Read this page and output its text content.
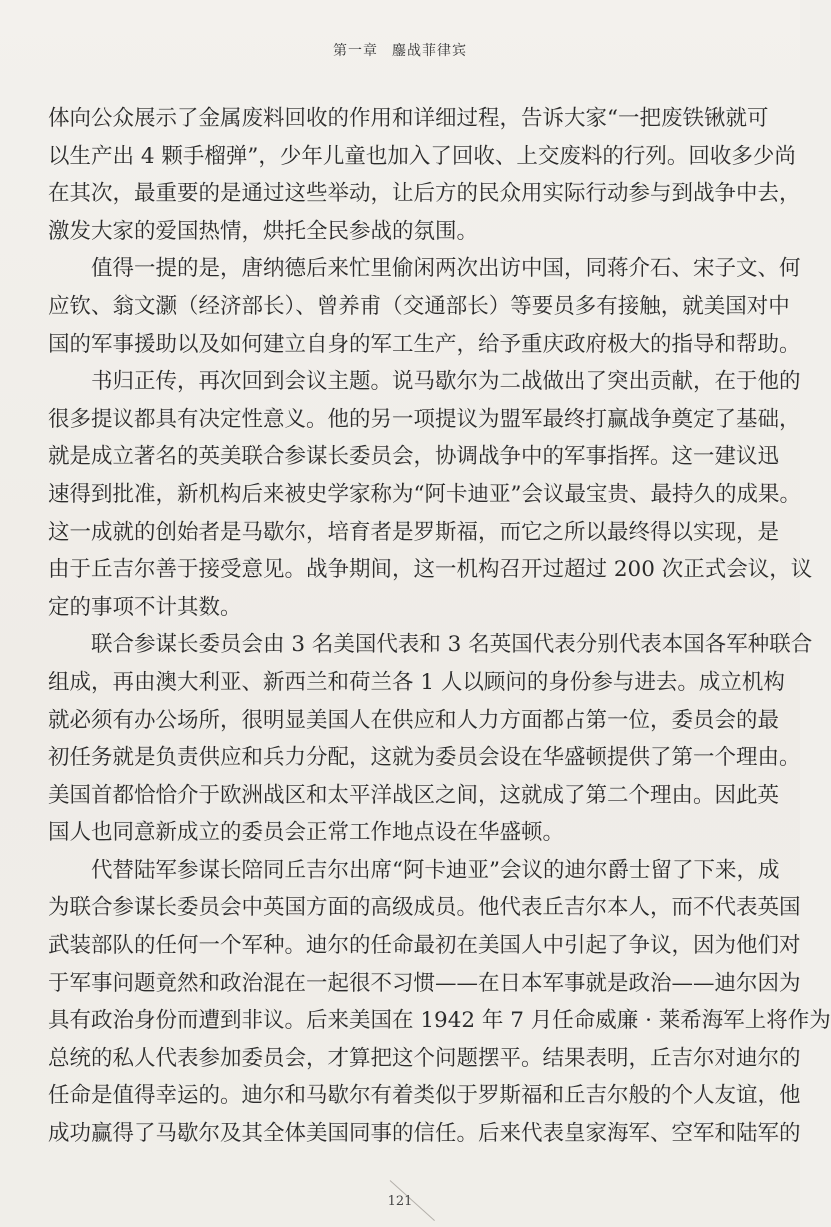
第一章 鏖战菲律宾
体向公众展示了金属废料回收的作用和详细过程，告诉大家“一把废铁锹就可
以生产出 4 颗手榴弹”，少年儿童也加入了回收、上交废料的行列。回收多少尚
在其次，最重要的是通过这些举动，让后方的民众用实际行动参与到战争中去，
激发大家的爱国热情，烘托全民参战的氛围。
值得一提的是，唐纳德后来忙里偷闲两次出访中国，同蒋介石、宋子文、何
应钦、翁文灏（经济部长）、曾养甫（交通部长）等要员多有接触，就美国对中
国的军事援助以及如何建立自身的军工生产，给予重庆政府极大的指导和帮助。
书归正传，再次回到会议主题。说马歇尔为二战做出了突出贡献，在于他的
很多提议都具有决定性意义。他的另一项提议为盟军最终打赢战争奠定了基础，
就是成立著名的英美联合参谋长委员会，协调战争中的军事指挥。这一建议迅
速得到批准，新机构后来被史学家称为“阿卡迪亚”会议最宝贵、最持久的成果。
这一成就的创始者是马歇尔，培育者是罗斯福，而它之所以最终得以实现，是
由于丘吉尔善于接受意见。战争期间，这一机构召开过超过 200 次正式会议，议
定的事项不计其数。
联合参谋长委员会由 3 名美国代表和 3 名英国代表分别代表本国各军种联合
组成，再由澳大利亚、新西兰和荷兰各 1 人以顾问的身份参与进去。成立机构
就必须有办公场所，很明显美国人在供应和人力方面都占第一位，委员会的最
初任务就是负责供应和兵力分配，这就为委员会设在华盛顿提供了第一个理由。
美国首都恰恰介于欧洲战区和太平洋战区之间，这就成了第二个理由。因此英
国人也同意新成立的委员会正常工作地点设在华盛顿。
代替陆军参谋长陪同丘吉尔出席“阿卡迪亚”会议的迪尔爵士留了下来，成
为联合参谋长委员会中英国方面的高级成员。他代表丘吉尔本人，而不代表英国
武装部队的任何一个军种。迪尔的任命最初在美国人中引起了争议，因为他们对
于军事问题竟然和政治混在一起很不习惯——在日本军事就是政治——迪尔因为
具有政治身份而遭到非议。后来美国在 1942 年 7 月任命威廉 · 莱希海军上将作为
总统的私人代表参加委员会，才算把这个问题摆平。结果表明，丘吉尔对迪尔的
任命是值得幸运的。迪尔和马歇尔有着类似于罗斯福和丘吉尔般的个人友谊，他
成功赢得了马歇尔及其全体美国同事的信任。后来代表皇家海军、空军和陆军的
121
